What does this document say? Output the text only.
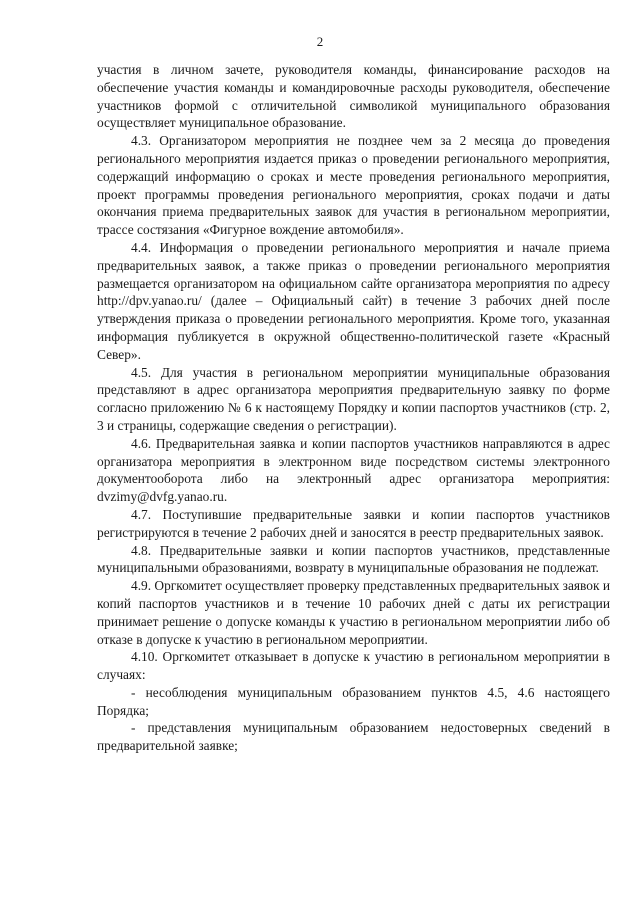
2

участия в личном зачете, руководителя команды, финансирование расходов на обеспечение участия команды и командировочные расходы руководителя, обеспечение участников формой с отличительной символикой муниципального образования осуществляет муниципальное образование.

4.3. Организатором мероприятия не позднее чем за 2 месяца до проведения регионального мероприятия издается приказ о проведении регионального мероприятия, содержащий информацию о сроках и месте проведения регионального мероприятия, проект программы проведения регионального мероприятия, сроках подачи и даты окончания приема предварительных заявок для участия в региональном мероприятии, трассе состязания «Фигурное вождение автомобиля».

4.4. Информация о проведении регионального мероприятия и начале приема предварительных заявок, а также приказ о проведении регионального мероприятия размещается организатором на официальном сайте организатора мероприятия по адресу http://dpv.yanao.ru/ (далее – Официальный сайт) в течение 3 рабочих дней после утверждения приказа о проведении регионального мероприятия. Кроме того, указанная информация публикуется в окружной общественно-политической газете «Красный Север».

4.5. Для участия в региональном мероприятии муниципальные образования представляют в адрес организатора мероприятия предварительную заявку по форме согласно приложению № 6 к настоящему Порядку и копии паспортов участников (стр. 2, 3 и страницы, содержащие сведения о регистрации).

4.6. Предварительная заявка и копии паспортов участников направляются в адрес организатора мероприятия в электронном виде посредством системы электронного документооборота либо на электронный адрес организатора мероприятия: dvzimy@dvfg.yanao.ru.

4.7. Поступившие предварительные заявки и копии паспортов участников регистрируются в течение 2 рабочих дней и заносятся в реестр предварительных заявок.

4.8. Предварительные заявки и копии паспортов участников, представленные муниципальными образованиями, возврату в муниципальные образования не подлежат.

4.9. Оргкомитет осуществляет проверку представленных предварительных заявок и копий паспортов участников и в течение 10 рабочих дней с даты их регистрации принимает решение о допуске команды к участию в региональном мероприятии либо об отказе в допуске к участию в региональном мероприятии.

4.10. Оргкомитет отказывает в допуске к участию в региональном мероприятии в случаях:

- несоблюдения муниципальным образованием пунктов 4.5, 4.6 настоящего Порядка;

- представления муниципальным образованием недостоверных сведений в предварительной заявке;
